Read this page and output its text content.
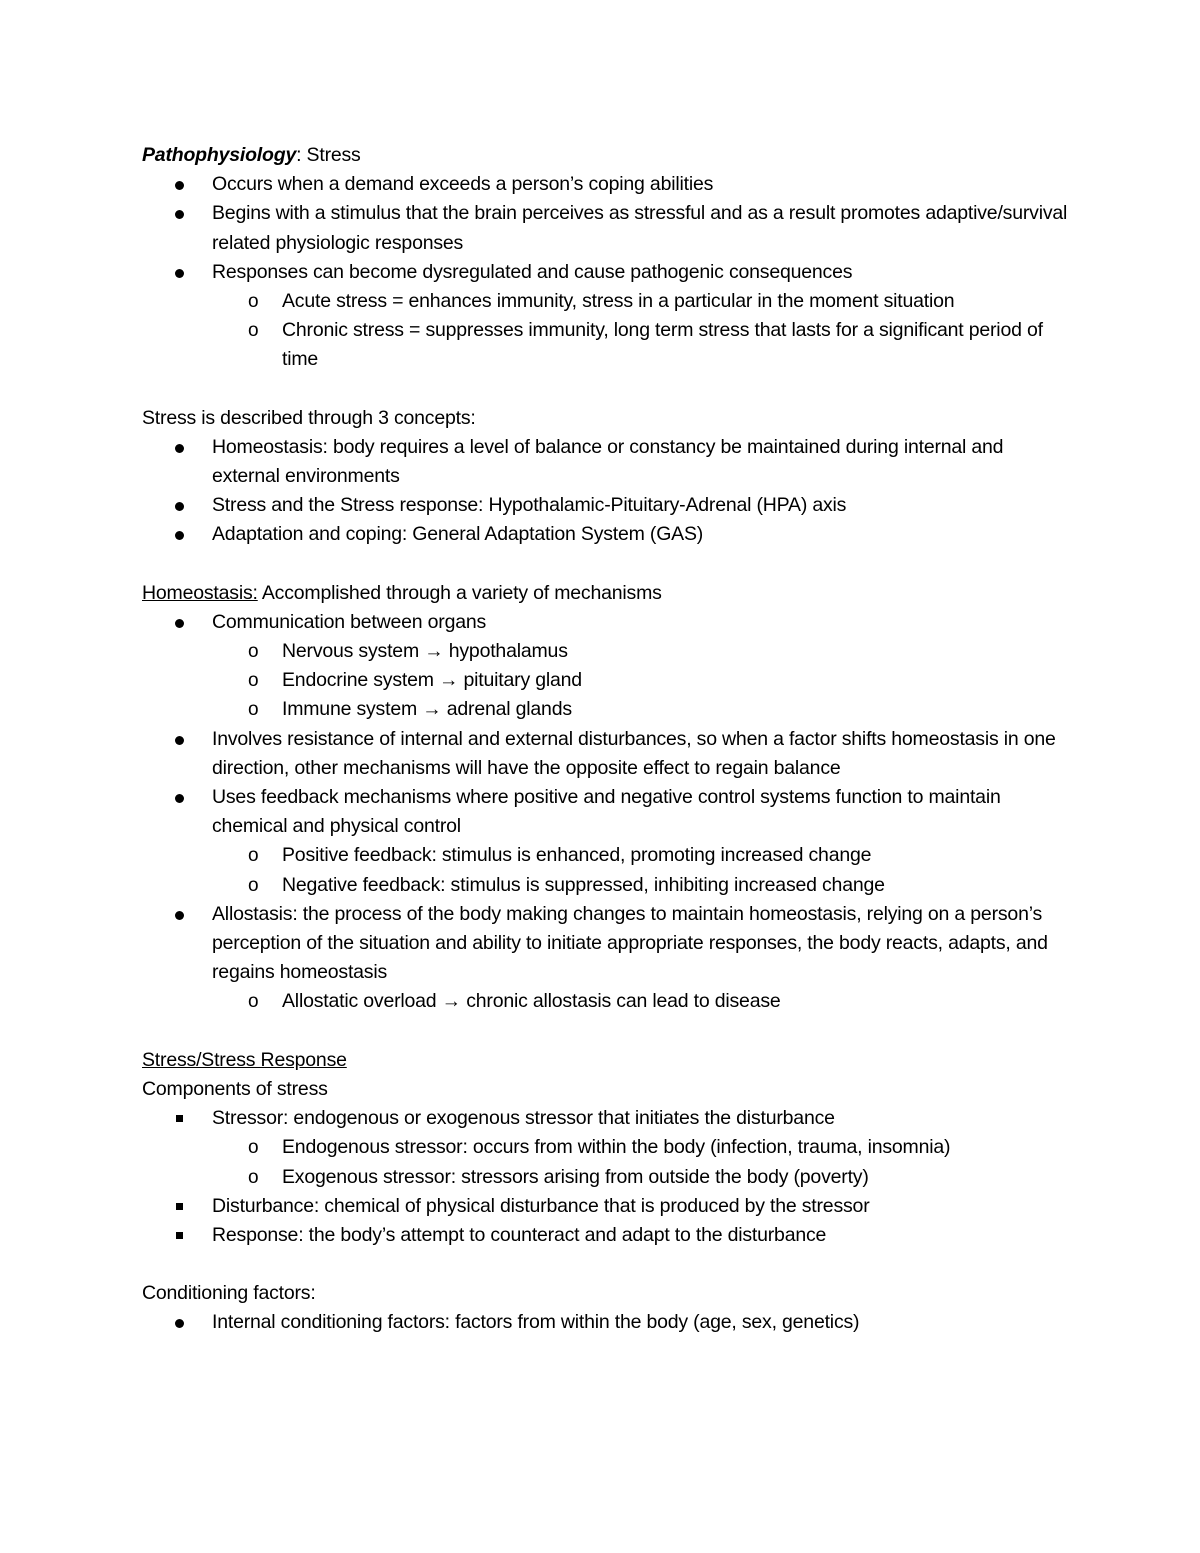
Pathophysiology: Stress
Occurs when a demand exceeds a person’s coping abilities
Begins with a stimulus that the brain perceives as stressful and as a result promotes adaptive/survival related physiologic responses
Responses can become dysregulated and cause pathogenic consequences
o Acute stress = enhances immunity, stress in a particular in the moment situation
o Chronic stress = suppresses immunity, long term stress that lasts for a significant period of time
Stress is described through 3 concepts:
Homeostasis: body requires a level of balance or constancy be maintained during internal and external environments
Stress and the Stress response: Hypothalamic-Pituitary-Adrenal (HPA) axis
Adaptation and coping: General Adaptation System (GAS)
Homeostasis: Accomplished through a variety of mechanisms
Communication between organs
o Nervous system → hypothalamus
o Endocrine system → pituitary gland
o Immune system → adrenal glands
Involves resistance of internal and external disturbances, so when a factor shifts homeostasis in one direction, other mechanisms will have the opposite effect to regain balance
Uses feedback mechanisms where positive and negative control systems function to maintain chemical and physical control
o Positive feedback: stimulus is enhanced, promoting increased change
o Negative feedback: stimulus is suppressed, inhibiting increased change
Allostasis: the process of the body making changes to maintain homeostasis, relying on a person’s perception of the situation and ability to initiate appropriate responses, the body reacts, adapts, and regains homeostasis
o Allostatic overload → chronic allostasis can lead to disease
Stress/Stress Response
Components of stress
Stressor: endogenous or exogenous stressor that initiates the disturbance
o Endogenous stressor: occurs from within the body (infection, trauma, insomnia)
o Exogenous stressor: stressors arising from outside the body (poverty)
Disturbance: chemical of physical disturbance that is produced by the stressor
Response: the body’s attempt to counteract and adapt to the disturbance
Conditioning factors:
Internal conditioning factors: factors from within the body (age, sex, genetics)
